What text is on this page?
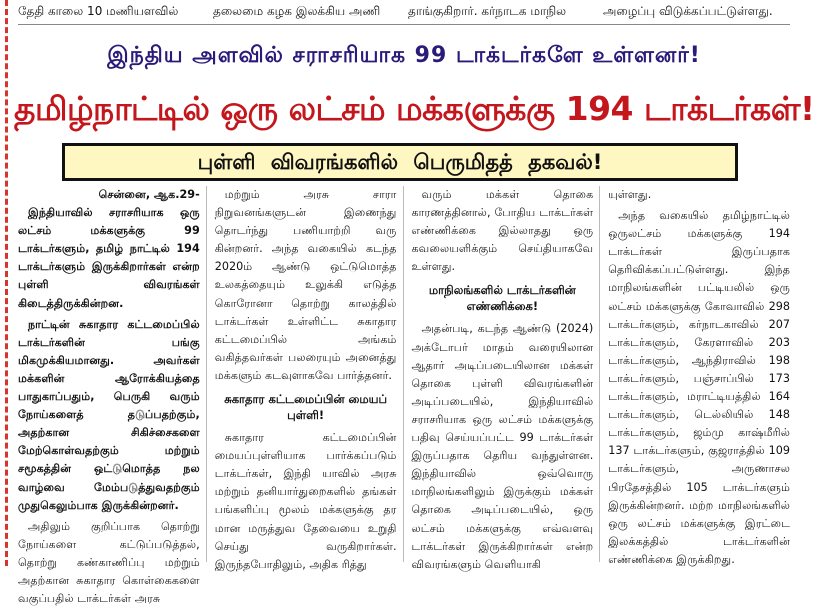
தேதி காலை 10 மணியளவில்	தலைமை கழக இலக்கிய அணி	தாங்குகிறார். கர்நாடக மாநில	அழைப்பு விடுக்கப்பட்டுள்ளது.
இந்திய அளவில் சராசரியாக 99 டாக்டர்களே உள்ளனர்!
தமிழ்நாட்டில் ஒரு லட்சம் மக்களுக்கு 194 டாக்டர்கள்!
புள்ளி விவரங்களில் பெருமிதத் தகவல்!
சென்னை, ஆக.29-

இந்தியாவில் சராசரியாக ஒரு லட்சம் மக்களுக்கு 99 டாக்டர்களும், தமிழ் நாட்டில் 194 டாக்டர்களும் இருக்கிறார்கள் என்ற புள்ளி விவரங்கள் கிடைத்திருக்கின்றன.

நாட்டின் சுகாதார கட்டமைப்பில் டாக்டர்களின் பங்கு மிகமுக்கியமானது. அவர்கள் மக்களின் ஆரோக்கியத்தை பாதுகாப்பதும், பெருகி வரும் நோய்களைத் தடுப்பதற்கும், அதற்கான சிகிச்சைகளை மேற்கொள்வதற்கும் மற்றும் சமூகத்தின் ஒட்டுமொத்த நல வாழ்வை மேம்படுத்துவதற்கும் முதுகெலும்பாக இருக்கின்றனர்.

அதிலும் குறிப்பாக தொற்று நோய்களை கட்டுப்படுத்தல், தொற்று கண்காணிப்பு மற்றும் அதற்கான சுகாதார கொள்கைகளை வகுப்பதில் டாக்டர்கள் அரசு

மற்றும் அரசு சாரா நிறுவனங்களுடன் இணைந்து தொடர்ந்து பணியாற்றி வரு கின்றனர். அந்த வகையில் கடந்த 2020ம் ஆண்டு ஒட்டுமொத்த உலகத்தையும் உலுக்கி எடுத்த கொரோனா தொற்று காலத்தில் டாக்டர்கள் உள்ளிட்ட சுகாதார கட்டமைப்பில் அங்கம் வகித்தவர்கள் பலரையும் அனைத்து மக்களும் கடவுளாகவே பார்த்தனர்.

சுகாதார கட்டமைப்பின் மையப் புள்ளி!

சுகாதார கட்டமைப்பின் மையப்புள்ளியாக பார்க்கப்படும் டாக்டர்கள், இந்தி யாவில் அரசு மற்றும் தனியார்துறைகளில் தங்கள் பங்களிப்பு மூலம் மக்களுக்கு தர மான மருத்துவ தேவையை உறுதி செய்து வருகிறார்கள். இருந்தபோதிலும், அதிக ரித்து

வரும் மக்கள் தொகை காரணத்தினால், போதிய டாக்டர்கள் எண்ணிக்கை இல்லாதது ஒரு கவலையளிக்கும் செய்தியாகவே உள்ளது.

மாநிலங்களில் டாக்டர்களின் எண்ணிக்கை!

அதன்படி, கடந்த ஆண்டு (2024) அக்டோபர் மாதம் வரையிலான ஆதார் அடிப்படையிலான மக்கள் தொகை புள்ளி விவரங்களின் அடிப்படையில், இந்தியாவில் சராசரியாக ஒரு லட்சம் மக்களுக்கு பதிவு செய்யப்பட்ட 99 டாக்டர்கள் இருப்பதாக தெரிய வந்துள்ளன. இந்தியாவில் ஒவ்வொரு மாநிலங்களிலும் இருக்கும் மக்கள் தொகை அடிப்படையில், ஒரு லட்சம் மக்களுக்கு எவ்வளவு டாக்டர்கள் இருக்கிறார்கள் என்ற விவரங்களும் வெளியாகி

யுள்ளது.

அந்த வகையில் தமிழ்நாட்டில் ஒருலட்சம் மக்களுக்கு 194 டாக்டர்கள் இருப்பதாக தெரிவிக்கப்பட்டுள்ளது. இந்த மாநிலங்களின் பட்டியலில் ஒரு லட்சம் மக்களுக்கு கோவாவில் 298 டாக்டர்களும், கர்நாடகாவில் 207 டாக்டர்களும், கேரளாவில் 203 டாக்டர்களும், ஆந்திராவில் 198 டாக்டர்களும், பஞ்சாப்பில் 173 டாக்டர்களும், மராட்டியத்தில் 164 டாக்டர்களும், டெல்லியில் 148 டாக்டர்களும், ஜம்மு காஷ்மீரில் 137 டாக்டர்களும், குஜராத்தில் 109 டாக்டர்களும், அருணாசல பிரதேசத்தில் 105 டாக்டர்களும் இருக்கின்றனர். மற்ற மாநிலங்களில் ஒரு லட்சம் மக்களுக்கு இரட்டை இலக்கத்தில் டாக்டர்களின் எண்ணிக்கை இருக்கிறது.
